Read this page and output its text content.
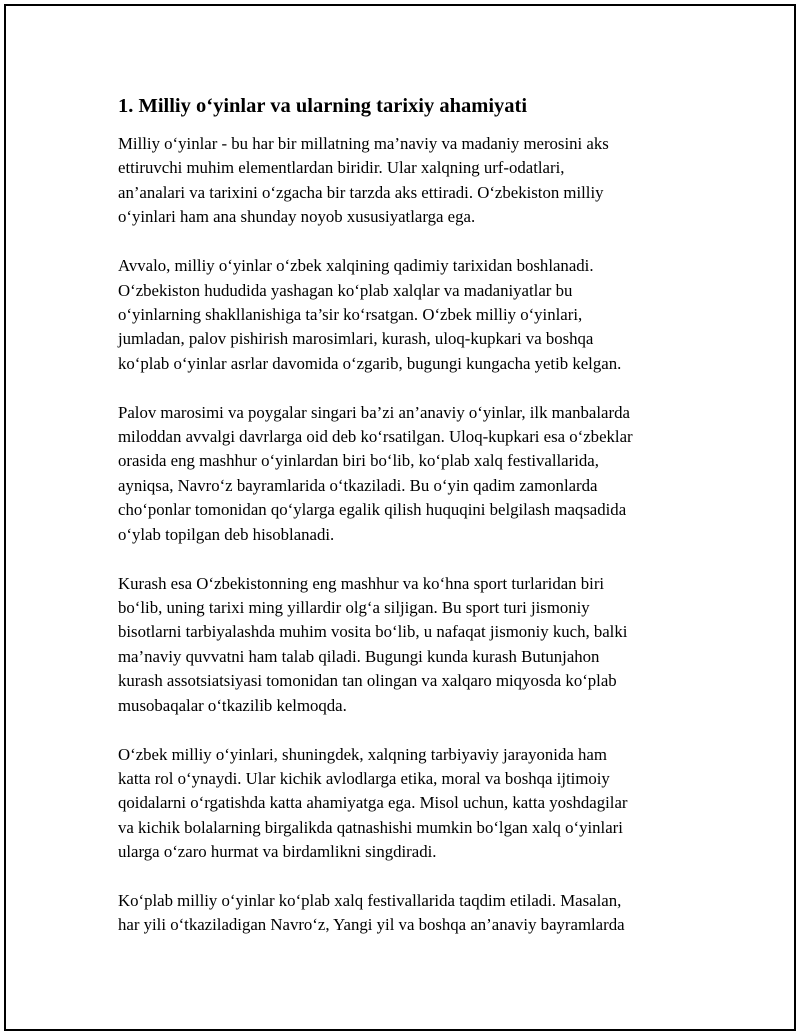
1. Milliy o‘yinlar va ularning tarixiy ahamiyati
Milliy o‘yinlar - bu har bir millatning ma’naviy va madaniy merosini aks
ettiruvchi muhim elementlardan biridir. Ular xalqning urf-odatlari,
an’analari va tarixini o‘zgacha bir tarzda aks ettiradi. O‘zbekiston milliy
o‘yinlari ham ana shunday noyob xususiyatlarga ega.
Avvalo, milliy o‘yinlar o‘zbek xalqining qadimiy tarixidan boshlanadi.
O‘zbekiston hududida yashagan ko‘plab xalqlar va madaniyatlar bu
o‘yinlarning shakllanishiga ta’sir ko‘rsatgan. O‘zbek milliy o‘yinlari,
jumladan, palov pishirish marosimlari, kurash, uloq-kupkari va boshqa
ko‘plab o‘yinlar asrlar davomida o‘zgarib, bugungi kungacha yetib kelgan.
Palov marosimi va poygalar singari ba’zi an’anaviy o‘yinlar, ilk manbalarda
miloddan avvalgi davrlarga oid deb ko‘rsatilgan. Uloq-kupkari esa o‘zbeklar
orasida eng mashhur o‘yinlardan biri bo‘lib, ko‘plab xalq festivallarida,
ayniqsa, Navro‘z bayramlarida o‘tkaziladi. Bu o‘yin qadim zamonlarda
cho‘ponlar tomonidan qo‘ylarga egalik qilish huquqini belgilash maqsadida
o‘ylab topilgan deb hisoblanadi.
Kurash esa O‘zbekistonning eng mashhur va ko‘hna sport turlaridan biri
bo‘lib, uning tarixi ming yillardir olg‘a siljigan. Bu sport turi jismoniy
bisotlarni tarbiyalashda muhim vosita bo‘lib, u nafaqat jismoniy kuch, balki
ma’naviy quvvatni ham talab qiladi. Bugungi kunda kurash Butunjahon
kurash assotsiatsiyasi tomonidan tan olingan va xalqaro miqyosda ko‘plab
musobaqalar o‘tkazilib kelmoqda.
O‘zbek milliy o‘yinlari, shuningdek, xalqning tarbiyaviy jarayonida ham
katta rol o‘ynaydi. Ular kichik avlodlarga etika, moral va boshqa ijtimoiy
qoidalarni o‘rgatishda katta ahamiyatga ega. Misol uchun, katta yoshdagilar
va kichik bolalarning birgalikda qatnashishi mumkin bo‘lgan xalq o‘yinlari
ularga o‘zaro hurmat va birdamlikni singdiradi.
Ko‘plab milliy o‘yinlar ko‘plab xalq festivallarida taqdim etiladi. Masalan,
har yili o‘tkaziladigan Navro‘z, Yangi yil va boshqa an’anaviy bayramlarda
